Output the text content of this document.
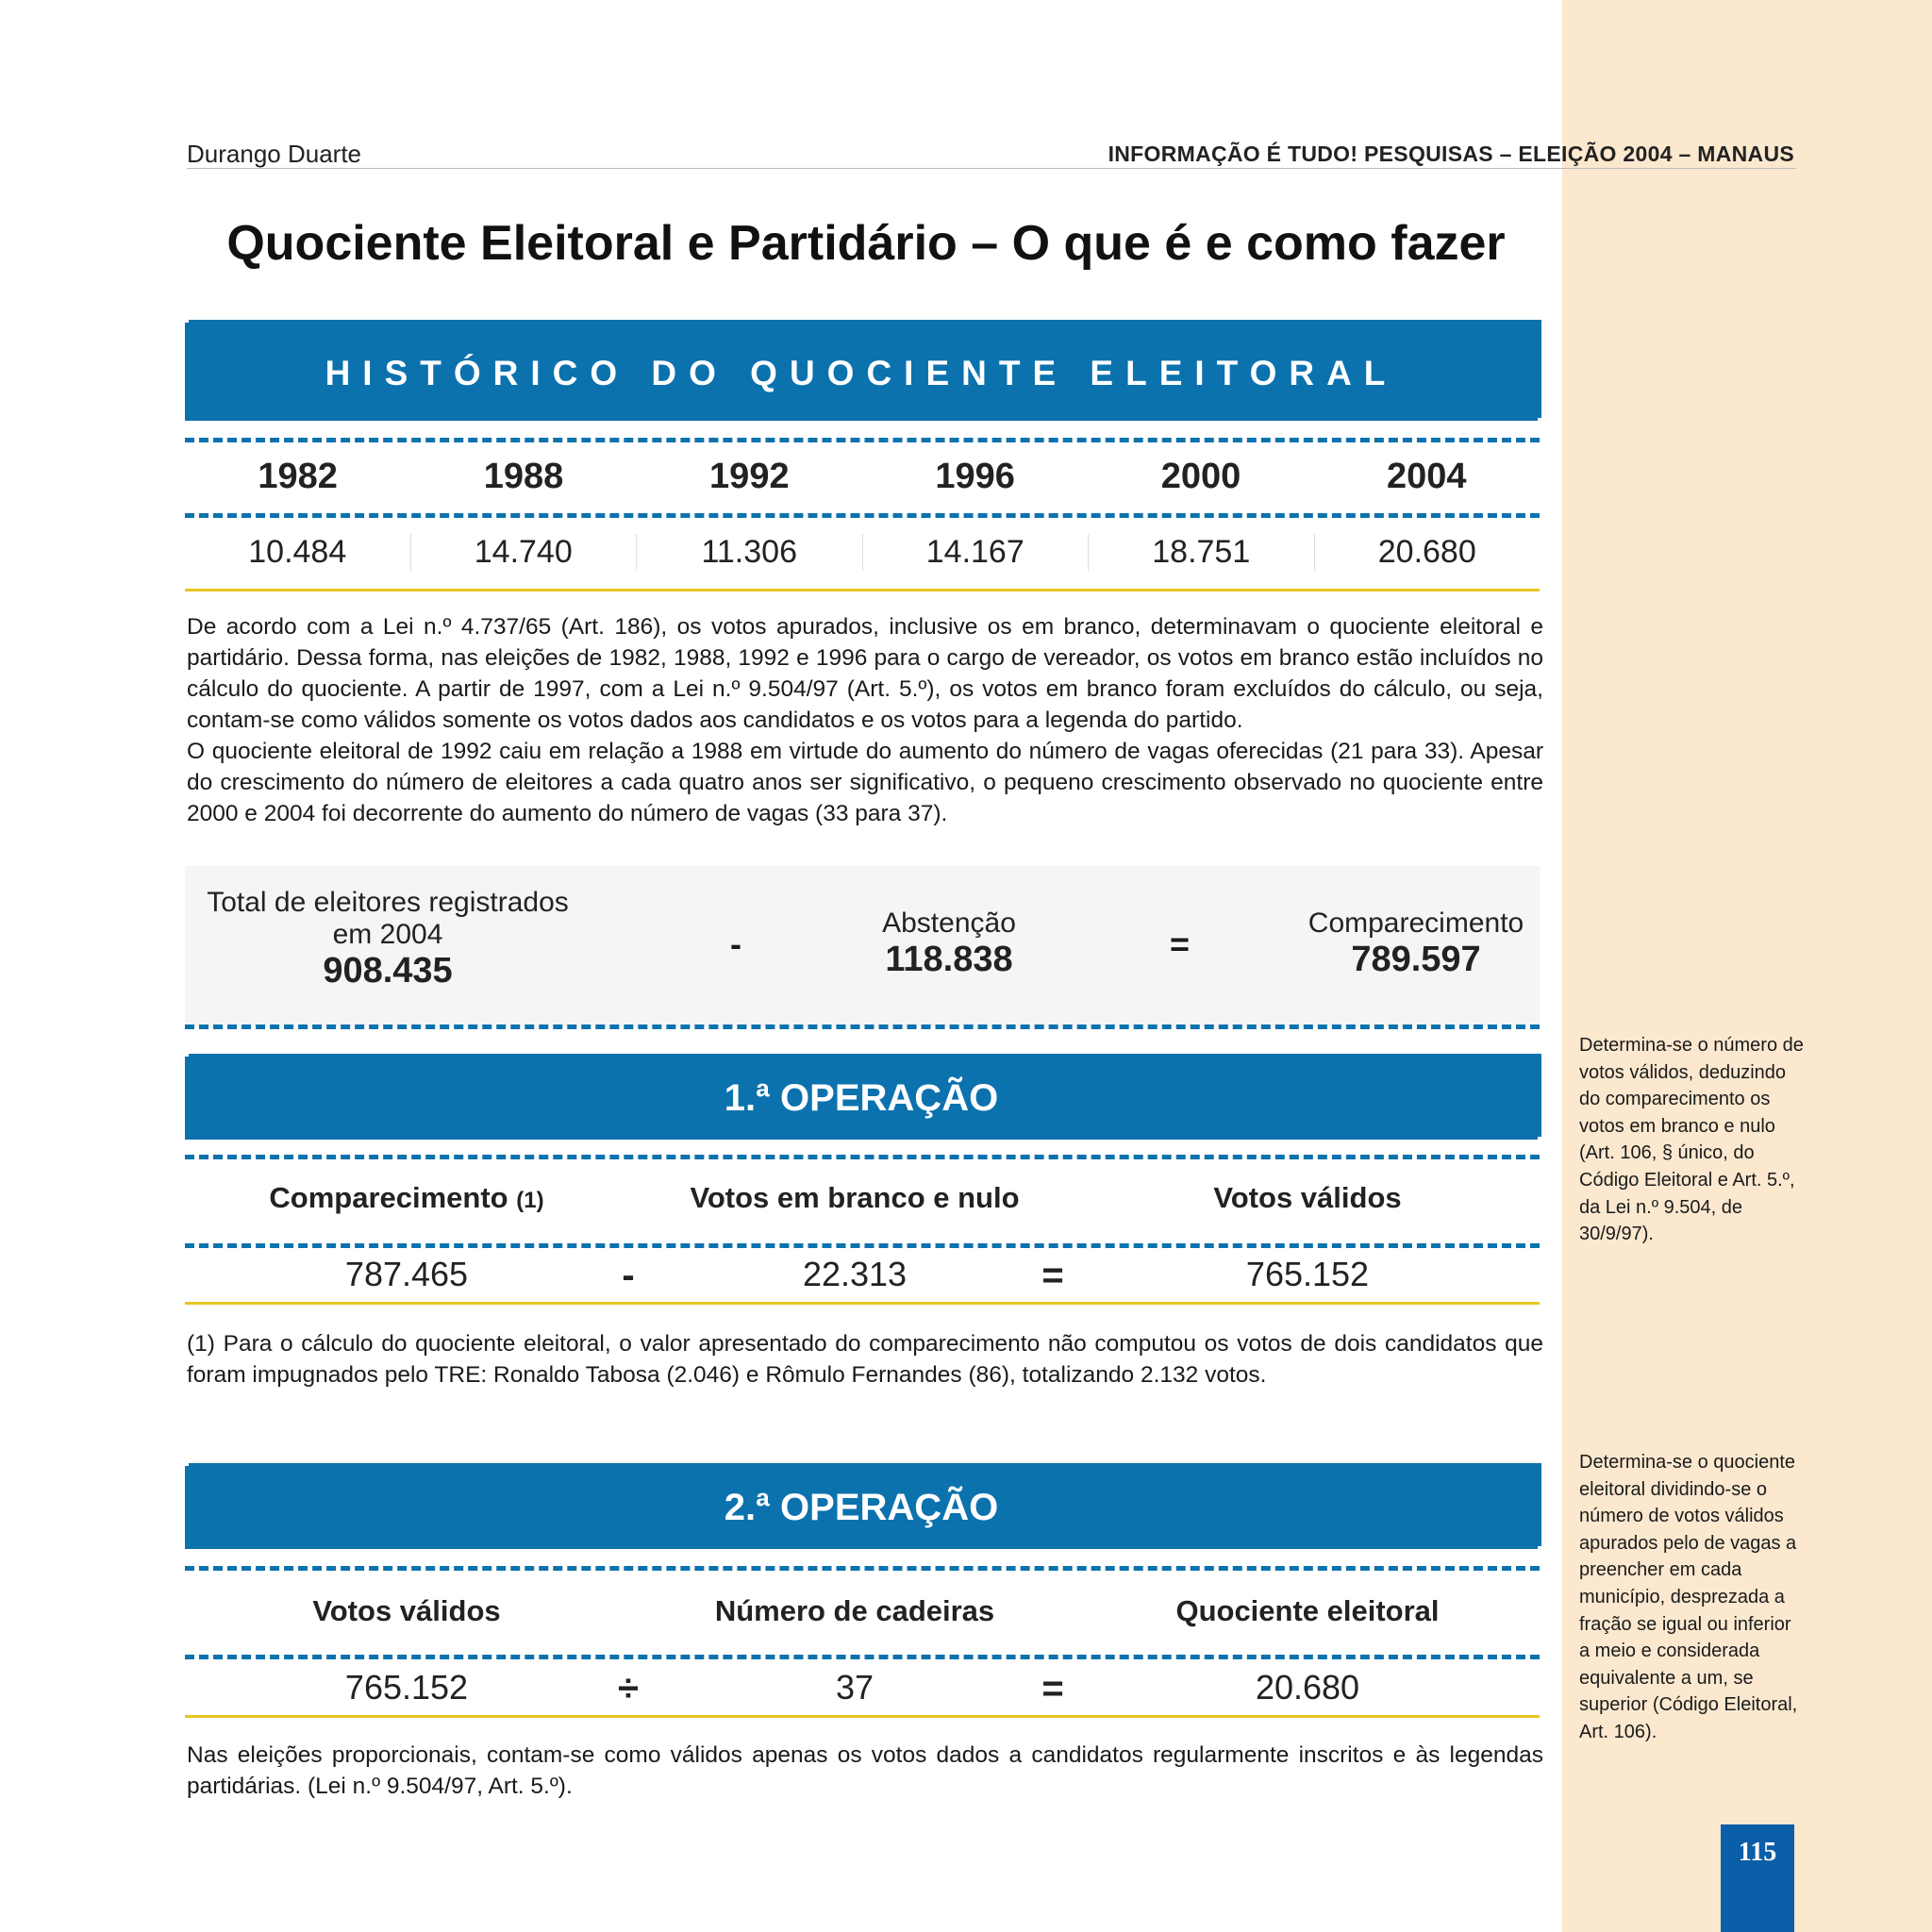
Durango Duarte	INFORMAÇÃO É TUDO! PESQUISAS – ELEIÇÃO 2004 – MANAUS
Quociente Eleitoral e Partidário – O que é e como fazer
HISTÓRICO DO QUOCIENTE ELEITORAL
1982	1988	1992	1996	2000	2004
10.484	14.740	11.306	14.167	18.751	20.680

De acordo com a Lei n.º 4.737/65 (Art. 186), os votos apurados, inclusive os em branco, determinavam o quociente eleitoral e partidário. Dessa forma, nas eleições de 1982, 1988, 1992 e 1996 para o cargo de vereador, os votos em branco estão incluídos no cálculo do quociente. A partir de 1997, com a Lei n.º 9.504/97 (Art. 5.º), os votos em branco foram excluídos do cálculo, ou seja, contam-se como válidos somente os votos dados aos candidatos e os votos para a legenda do partido.

O quociente eleitoral de 1992 caiu em relação a 1988 em virtude do aumento do número de vagas oferecidas (21 para 33). Apesar do crescimento do número de eleitores a cada quatro anos ser significativo, o pequeno crescimento observado no quociente entre 2000 e 2004 foi decorrente do aumento do número de vagas (33 para 37).

Total de eleitores registrados
em 2004
908.435
-
Abstenção
118.838	=
Comparecimento
789.597
1.ª OPERAÇÃO
Comparecimento (1)	Votos em branco e nulo	Votos válidos
787.465	-	22.313	=	765.152
(1) Para o cálculo do quociente eleitoral, o valor apresentado do comparecimento não computou os votos de dois candidatos que foram impugnados pelo TRE: Ronaldo Tabosa (2.046) e Rômulo Fernandes (86), totalizando 2.132 votos.
2.ª OPERAÇÃO
Votos válidos	Número de cadeiras	Quociente eleitoral
765.152	÷	37	=	20.680
Nas eleições proporcionais, contam-se como válidos apenas os votos dados a candidatos regularmente inscritos e às legendas partidárias. (Lei n.º 9.504/97, Art. 5.º).
Determina-se o número de votos válidos, deduzindo do comparecimento os votos em branco e nulo (Art. 106, § único, do Código Eleitoral e Art. 5.º, da Lei n.º 9.504, de 30/9/97).
Determina-se o quociente eleitoral dividindo-se o número de votos válidos apurados pelo de vagas a preencher em cada município, desprezada a fração se igual ou inferior a meio e considerada equivalente a um, se superior (Código Eleitoral, Art. 106).
115
